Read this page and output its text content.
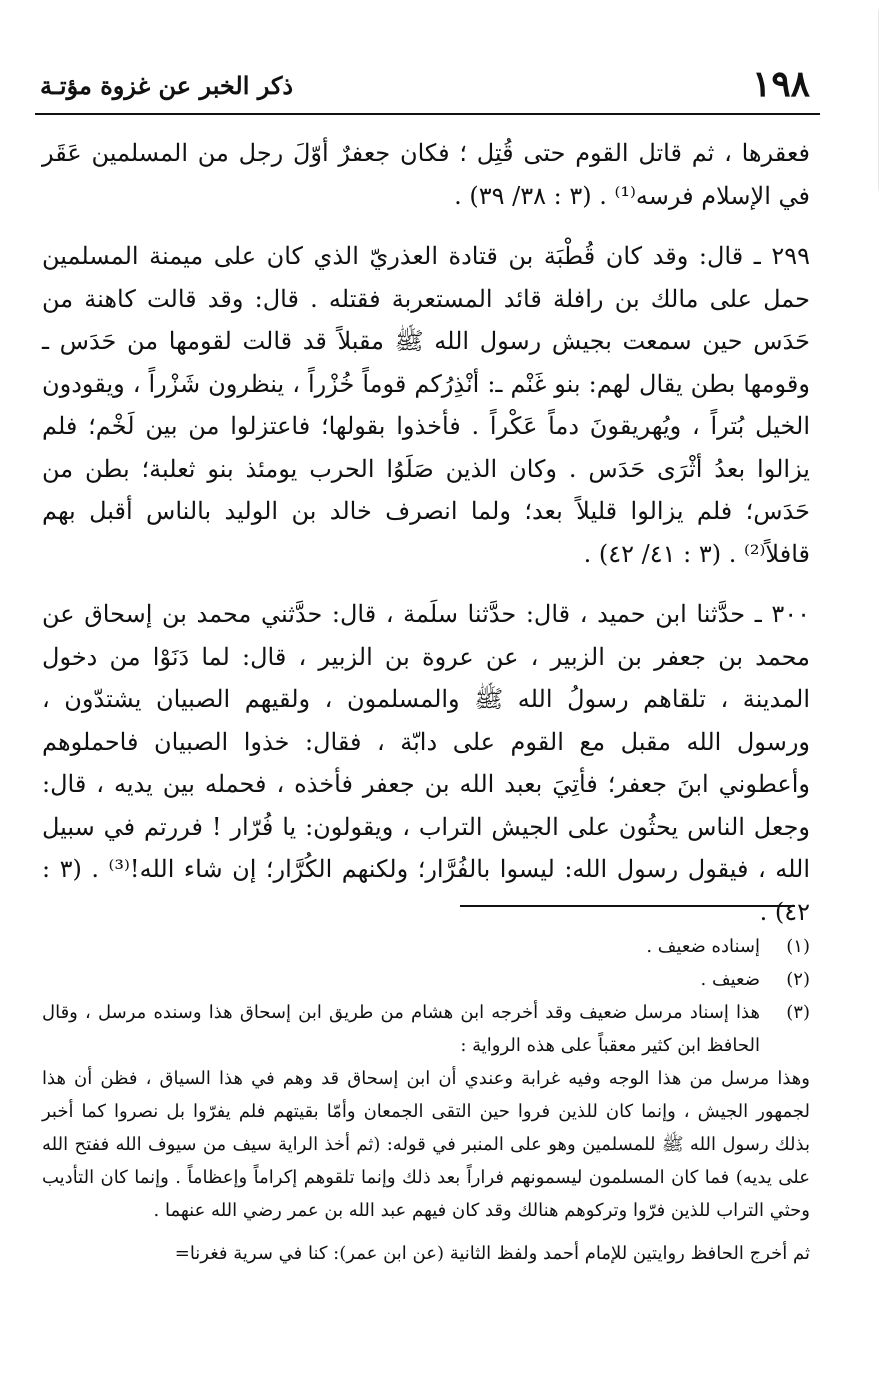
١٩٨
ذكر الخبر عن غزوة مؤتـة

فعقرها ، ثم قاتل القوم حتى قُتِل ؛ فكان جعفرٌ أوّلَ رجل من المسلمين عَقَر في الإسلام فرسه⁽¹⁾ . (٣ : ٣٨/ ٣٩) .

٢٩٩ ـ قال: وقد كان قُطْبَة بن قتادة العذريّ الذي كان على ميمنة المسلمين حمل على مالك بن رافلة قائد المستعربة فقتله . قال: وقد قالت كاهنة من حَدَس حين سمعت بجيش رسول الله ﷺ مقبلاً قد قالت لقومها من حَدَس ـ وقومها بطن يقال لهم: بنو غَنْم ـ: أنْذِرُكم قوماً خُزْراً ، ينظرون شَزْراً ، ويقودون الخيل بُتراً ، ويُهريقونَ دماً عَكْراً . فأخذوا بقولها؛ فاعتزلوا من بين لَخْم؛ فلم يزالوا بعدُ أثْرَى حَدَس . وكان الذين صَلَوُا الحرب يومئذ بنو ثعلبة؛ بطن من حَدَس؛ فلم يزالوا قليلاً بعد؛ ولما انصرف خالد بن الوليد بالناس أقبل بهم قافلاً⁽²⁾ . (٣ : ٤١/ ٤٢) .

٣٠٠ ـ حدَّثنا ابن حميد ، قال: حدَّثنا سلَمة ، قال: حدَّثني محمد بن إسحاق عن محمد بن جعفر بن الزبير ، عن عروة بن الزبير ، قال: لما دَنَوْا من دخول المدينة ، تلقاهم رسولُ الله ﷺ والمسلمون ، ولقيهم الصبيان يشتدّون ، ورسول الله مقبل مع القوم على دابّة ، فقال: خذوا الصبيان فاحملوهم وأعطوني ابنَ جعفر؛ فأتِيَ بعبد الله بن جعفر فأخذه ، فحمله بين يديه ، قال: وجعل الناس يحثُون على الجيش التراب ، ويقولون: يا فُرّار ! فررتم في سبيل الله ، فيقول رسول الله: ليسوا بالفُرَّار؛ ولكنهم الكُرَّار؛ إن شاء الله!⁽³⁾ . (٣ : ٤٢) .

(١)
إسناده ضعيف .
(٢)
ضعيف .
(٣)
هذا إسناد مرسل ضعيف وقد أخرجه ابن هشام من طريق ابن إسحاق هذا وسنده مرسل ، وقال الحافظ ابن كثير معقباً على هذه الرواية :

وهذا مرسل من هذا الوجه وفيه غرابة وعندي أن ابن إسحاق قد وهم في هذا السياق ، فظن أن هذا لجمهور الجيش ، وإنما كان للذين فروا حين التقى الجمعان وأمّا بقيتهم فلم يفرّوا بل نصروا كما أخبر بذلك رسول الله ﷺ للمسلمين وهو على المنبر في قوله: (ثم أخذ الراية سيف من سيوف الله ففتح الله على يديه) فما كان المسلمون ليسمونهم فراراً بعد ذلك وإنما تلقوهم إكراماً وإعظاماً . وإنما كان التأديب وحثي التراب للذين فرّوا وتركوهم هنالك وقد كان فيهم عبد الله بن عمر رضي الله عنهما .

ثم أخرج الحافظ روايتين للإمام أحمد ولفظ الثانية (عن ابن عمر): كنا في سرية فغرنا=
